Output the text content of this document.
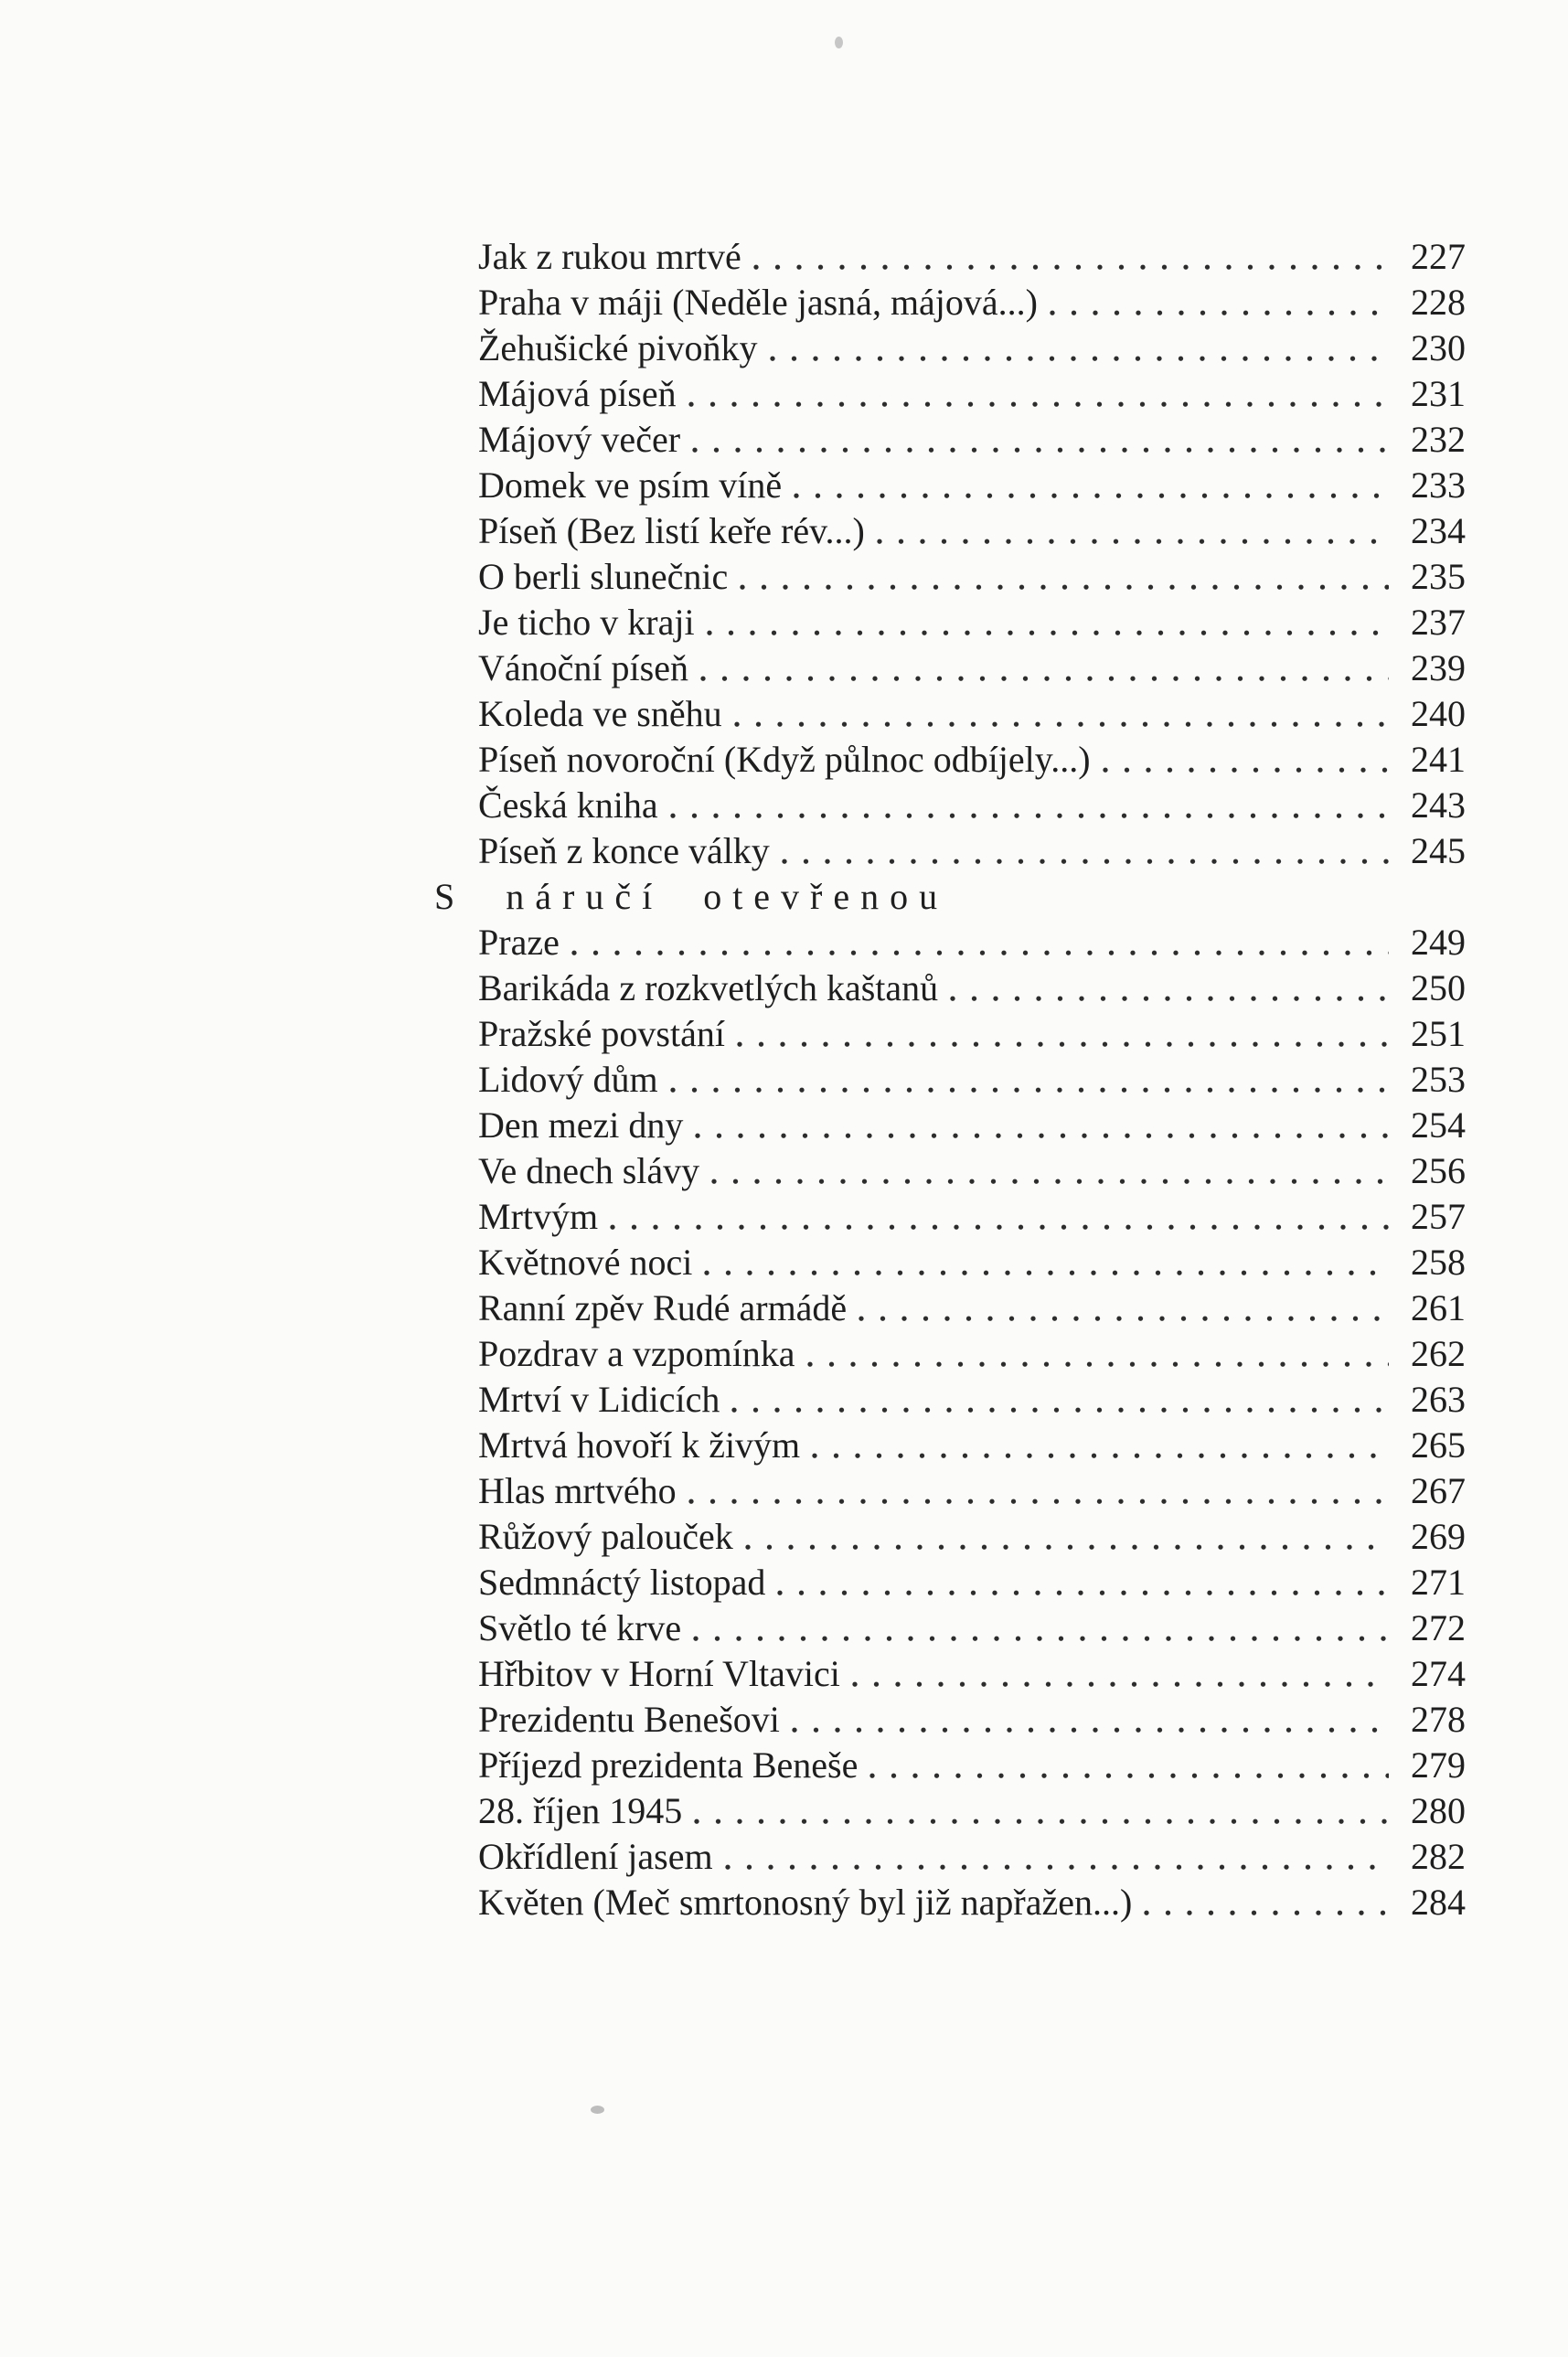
Jak z rukou mrtvé	227
Praha v máji (Neděle jasná, májová...)	228
Žehušické pivoňky	230
Májová píseň	231
Májový večer	232
Domek ve psím víně	233
Píseň (Bez listí keře rév...)	234
O berli slunečnic	235
Je ticho v kraji	237
Vánoční píseň	239
Koleda ve sněhu	240
Píseň novoroční (Když půlnoc odbíjely...)	241
Česká kniha	243
Píseň z konce války	245
S náručí otevřenou
Praze	249
Barikáda z rozkvetlých kaštanů	250
Pražské povstání	251
Lidový dům	253
Den mezi dny	254
Ve dnech slávy	256
Mrtvým	257
Květnové noci	258
Ranní zpěv Rudé armádě	261
Pozdrav a vzpomínka	262
Mrtví v Lidicích	263
Mrtvá hovoří k živým	265
Hlas mrtvého	267
Růžový palouček	269
Sedmnáctý listopad	271
Světlo té krve	272
Hřbitov v Horní Vltavici	274
Prezidentu Benešovi	278
Příjezd prezidenta Beneše	279
28. říjen 1945	280
Okřídlení jasem	282
Květen (Meč smrtonosný byl již napřažen...)	284
